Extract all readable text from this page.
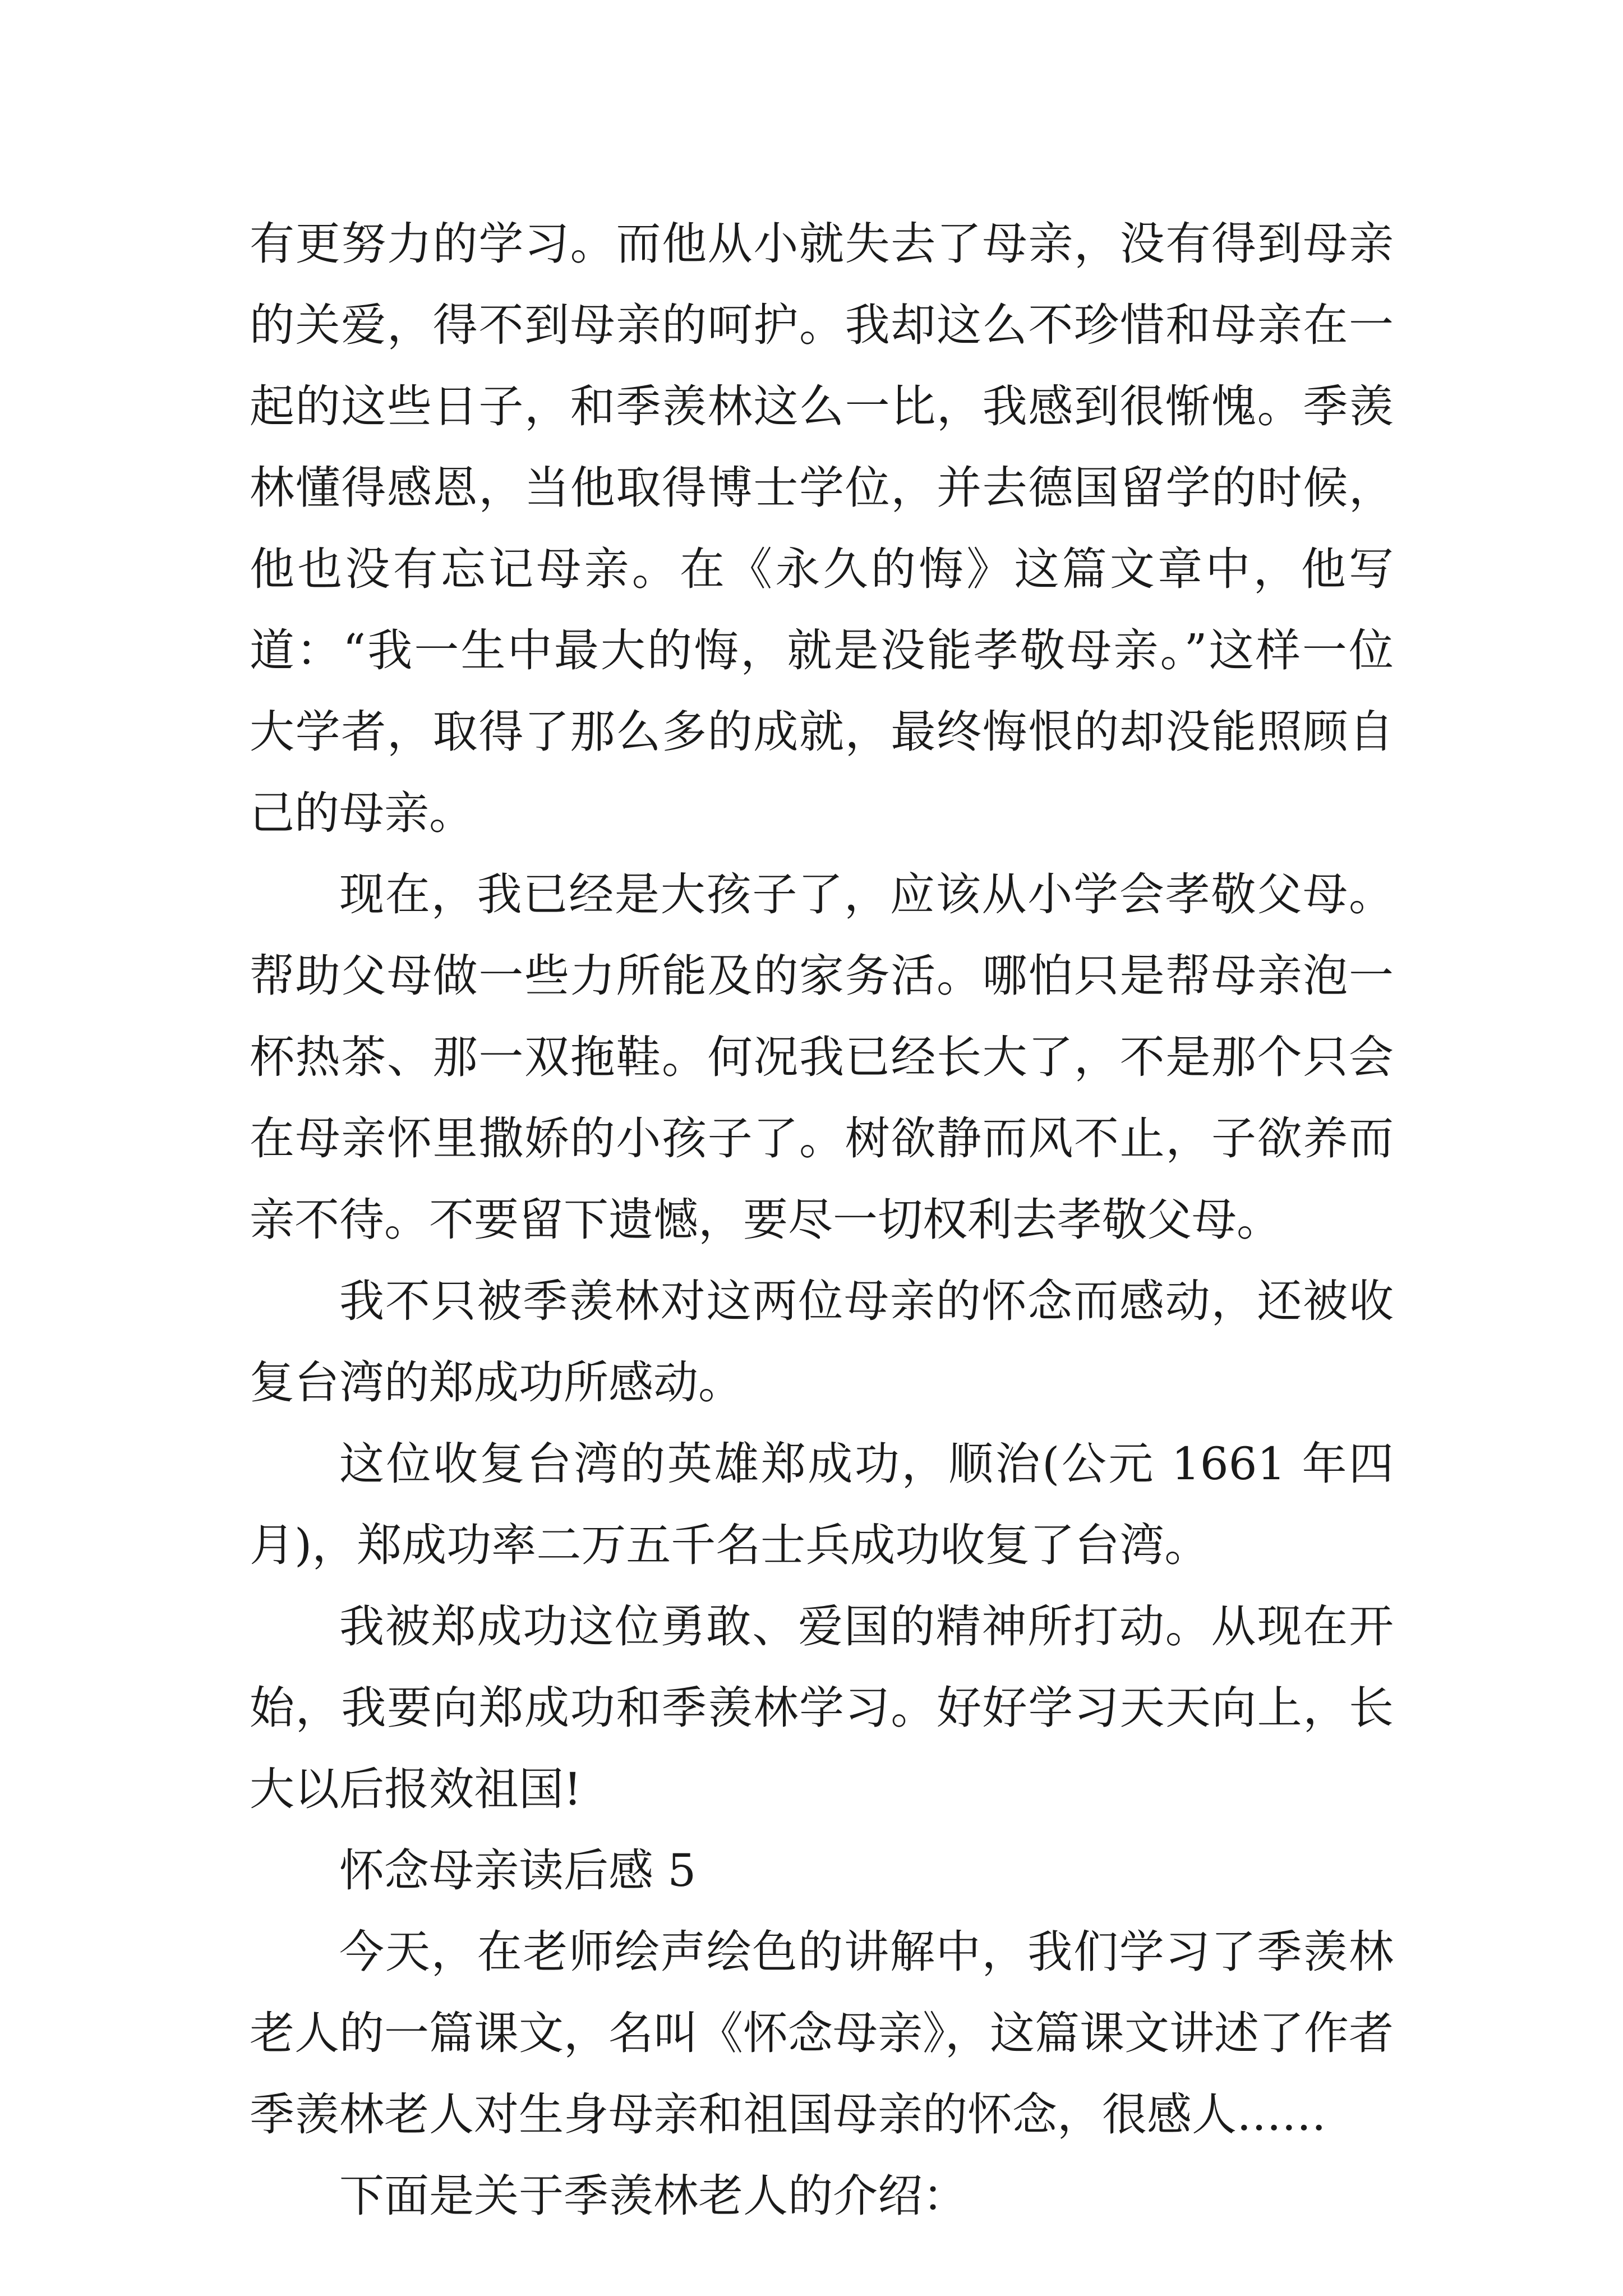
有更努力的学习。而他从小就失去了母亲，没有得到母亲的关爱，得不到母亲的呵护。我却这么不珍惜和母亲在一起的这些日子，和季羡林这么一比，我感到很惭愧。季羡林懂得感恩，当他取得博士学位，并去德国留学的时候，他也没有忘记母亲。在《永久的悔》这篇文章中，他写道：“我一生中最大的悔，就是没能孝敬母亲。”这样一位大学者，取得了那么多的成就，最终悔恨的却没能照顾自己的母亲。

现在，我已经是大孩子了，应该从小学会孝敬父母。帮助父母做一些力所能及的家务活。哪怕只是帮母亲泡一杯热茶、那一双拖鞋。何况我已经长大了，不是那个只会在母亲怀里撒娇的小孩子了。树欲静而风不止，子欲养而亲不待。不要留下遗憾，要尽一切权利去孝敬父母。

我不只被季羡林对这两位母亲的怀念而感动，还被收复台湾的郑成功所感动。

这位收复台湾的英雄郑成功，顺治(公元 1661 年四月)，郑成功率二万五千名士兵成功收复了台湾。

我被郑成功这位勇敢、爱国的精神所打动。从现在开始，我要向郑成功和季羡林学习。好好学习天天向上，长大以后报效祖国!

怀念母亲读后感 5

今天，在老师绘声绘色的讲解中，我们学习了季羡林老人的一篇课文，名叫《怀念母亲》，这篇课文讲述了作者季羡林老人对生身母亲和祖国母亲的怀念，很感人……

下面是关于季羡林老人的介绍：
